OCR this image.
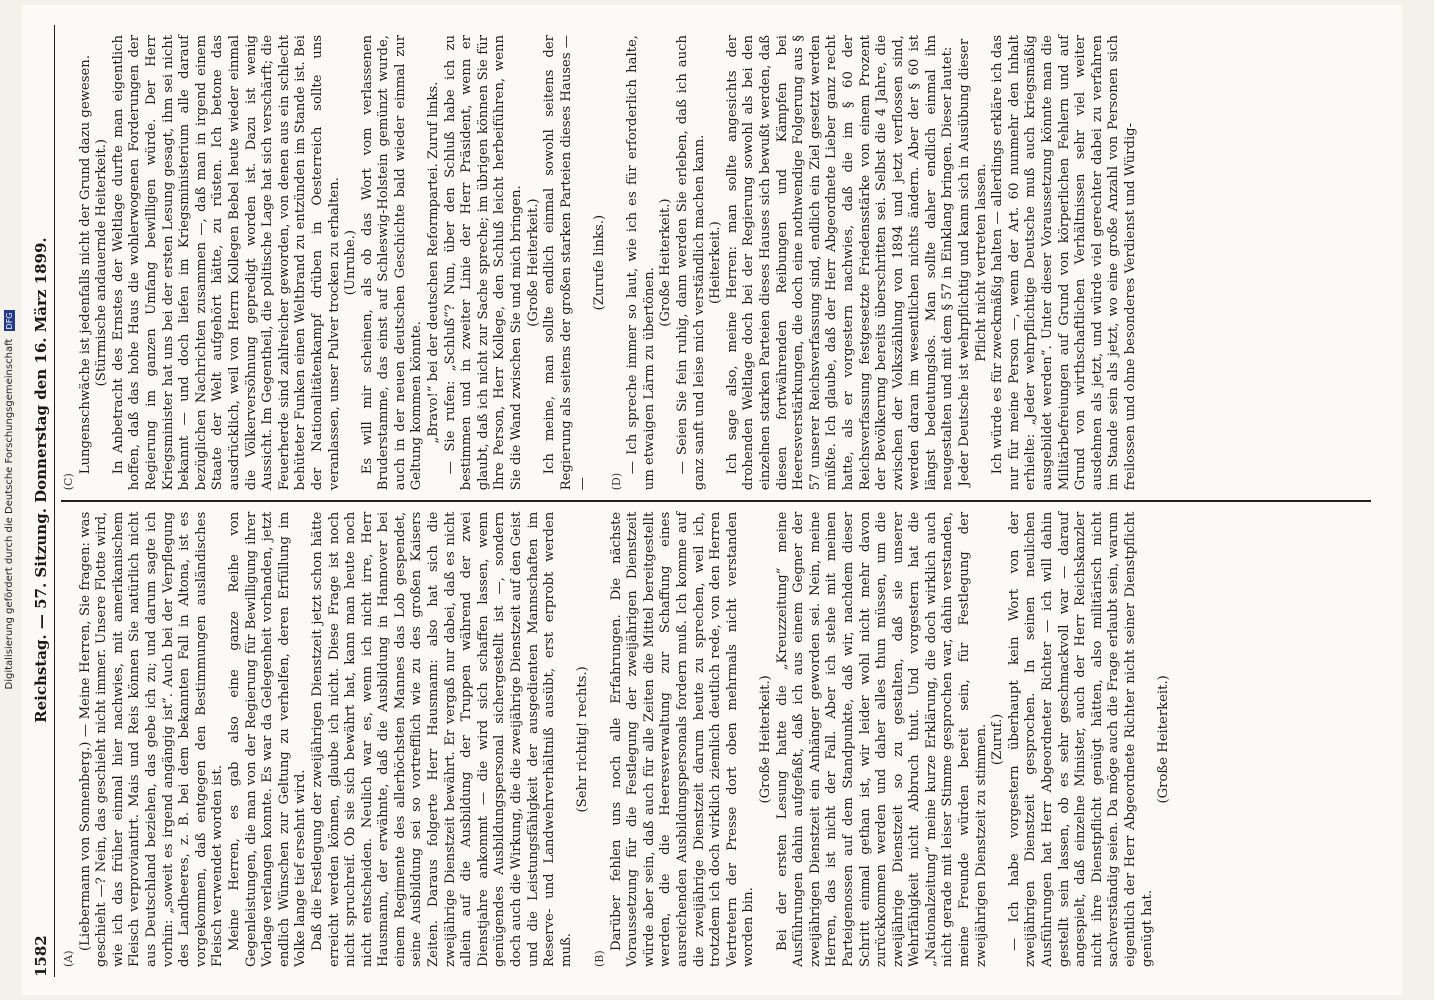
1582
Reichstag. — 57. Sitzung. Donnerstag den 16. März 1899.
(A)

(Liebermann von Sonnenberg.) — Meine Herren, Sie fragen: was geschieht —? Nein, das geschieht nicht immer. Unsere Flotte wird, wie ich das früher einmal hier nachwies, mit amerikanischem Fleisch verproviantirt. Mais und Reis können Sie natürlich nicht aus Deutschland beziehen, das gebe ich zu; und darum sagte ich vorhin: „soweit es irgend angängig ist“. Auch bei der Verpflegung des Landheeres, z. B. bei dem bekannten Fall in Altona, ist es vorgekommen, daß entgegen den Bestimmungen ausländisches Fleisch verwendet worden ist. Meine Herren, es gab also eine ganze Reihe von Gegenleistungen, die man von der Regierung für Bewilligung ihrer Vorlage verlangen konnte. Es war da Gelegenheit vorhanden, jetzt endlich Wünschen zur Geltung zu verhelfen, deren Erfüllung im Volke lange tief ersehnt wird. Daß die Festlegung der zweijährigen Dienstzeit jetzt schon hätte erreicht werden können, glaube ich nicht. Diese Frage ist noch nicht spruchreif. Ob sie sich bewährt hat, kann man heute noch nicht entscheiden. Neulich war es, wenn ich nicht irre, Herr Hausmann, der erwähnte, daß die Ausbildung in Hannover bei einem Regimente des allerhöchsten Mannes das Lob gespendet, seine Ausbildung sei so vortrefflich wie zu des großen Kaisers Zeiten. Daraus folgerte Herr Hausmann: also hat sich die zweijährige Dienstzeit bewährt. Er vergaß nur dabei, daß es nicht allein auf die Ausbildung der Truppen während der zwei Dienstjahre ankommt — die wird sich schaffen lassen, wenn genügendes Ausbildungspersonal sichergestellt ist —, sondern doch auch die Wirkung, die die zweijährige Dienstzeit auf den Geist und die Leistungsfähigkeit der ausgedienten Mannschaften im Reserve- und Landwehrverhältniß ausübt, erst erprobt werden muß.

(Sehr richtig! rechts.)

(B)

Darüber fehlen uns noch alle Erfahrungen. Die nächste Voraussetzung für die Festlegung der zweijährigen Dienstzeit würde aber sein, daß auch für alle Zeiten die Mittel bereitgestellt werden, die die Heeresverwaltung zur Schaffung eines ausreichenden Ausbildungspersonals fordern muß. Ich komme auf die zweijährige Dienstzeit darum heute zu sprechen, weil ich, trotzdem ich doch wirklich ziemlich deutlich rede, von den Herren Vertretern der Presse dort oben mehrmals nicht verstanden worden bin.

(Große Heiterkeit.) Bei der ersten Lesung hatte die „Kreuzzeitung“ meine Ausführungen dahin aufgefaßt, daß ich aus einem Gegner der zweijährigen Dienstzeit ein Anhänger geworden sei. Nein, meine Herren, das ist nicht der Fall. Aber ich stehe mit meinen Parteigenossen auf dem Standpunkte, daß wir, nachdem dieser Schritt einmal gethan ist, wir leider wohl nicht mehr davon zurückkommen werden und daher alles thun müssen, um die zweijährige Dienstzeit so zu gestalten, daß sie unserer Wehrfähigkeit nicht Abbruch thut. Und vorgestern hat die „Nationalzeitung“ meine kurze Erklärung, die doch wirklich auch nicht gerade mit leiser Stimme gesprochen war, dahin verstanden, meine Freunde würden bereit sein, für Festlegung der zweijährigen Dienstzeit zu stimmen. (Zuruf.) — Ich habe vorgestern überhaupt kein Wort von der zweijährigen Dienstzeit gesprochen. In seinen neulichen Ausführungen hat Herr Abgeordneter Richter — ich will dahin gestellt sein lassen, ob es sehr geschmackvoll war — darauf angespielt, daß einzelne Minister, auch der Herr Reichskanzler nicht ihre Dienstpflicht genügt hätten, also militärisch nicht sachverständig seien. Da möge auch die Frage erlaubt sein, warum eigentlich der Herr Abgeordnete Richter nicht seiner Dienstpflicht genügt hat.

(Große Heiterkeit.)

(C)

Lungenschwäche ist jedenfalls nicht der Grund dazu gewesen. (Stürmische andauernde Heiterkeit.) In Anbetracht des Ernstes der Weltlage durfte man eigentlich hoffen, daß das hohe Haus die wohlerwogenen Forderungen der Regierung im ganzen Umfang bewilligen würde. Der Herr Kriegsminister hat uns bei der ersten Lesung gesagt, ihm sei nicht bekannt — und doch liefen im Kriegsministerium alle darauf bezüglichen Nachrichten zusammen —, daß man in irgend einem Staate der Welt aufgehört hätte, zu rüsten. Ich betone das ausdrücklich, weil von Herrn Kollegen Bebel heute wieder einmal die Völkerversöhnung gepredigt worden ist. Dazu ist wenig Aussicht. Im Gegentheil, die politische Lage hat sich verschärft; die Feuerherde sind zahlreicher geworden, von denen aus ein schlecht behüteter Funken einen Weltbrand zu entzünden im Stande ist. Bei der Nationalitätenkampf drüben in Oesterreich sollte uns veranlassen, unser Pulver trocken zu erhalten. (Unruhe.) Es will mir scheinen, als ob das Wort vom verlassenen Bruderstamme, das einst auf Schleswig-Holstein gemünzt wurde, auch in der neuen deutschen Geschichte bald wieder einmal zur Geltung kommen könnte. „Bravo!“ bei der deutschen Reformpartei. Zuruf links. — Sie rufen: „Schluß“? Nun, über den Schluß habe ich zu bestimmen und in zweiter Linie der Herr Präsident, wenn er glaubt, daß ich nicht zur Sache spreche; im übrigen können Sie für Ihre Person, Herr Kollege, den Schluß leicht herbeiführen, wenn Sie die Wand zwischen Sie und mich bringen. (Große Heiterkeit.) Ich meine, man sollte endlich einmal sowohl seitens der Regierung als seitens der großen starken Parteien dieses Hauses — —

(Zurufe links.)

(D)

— Ich spreche immer so laut, wie ich es für erforderlich halte, um etwaigen Lärm zu übertönen.

(Große Heiterkeit.) — Seien Sie fein ruhig, dann werden Sie erleben, daß ich auch ganz sanft und leise mich verständlich machen kann. (Heiterkeit.) Ich sage also, meine Herren: man sollte angesichts der drohenden Weltlage doch bei der Regierung sowohl als bei den einzelnen starken Parteien dieses Hauses sich bewußt werden, daß diesen fortwährenden Reibungen und Kämpfen bei Heeresverstärkungen, die doch eine nothwendige Folgerung aus § 57 unserer Reichsverfassung sind, endlich ein Ziel gesetzt werden müßte. Ich glaube, daß der Herr Abgeordnete Lieber ganz recht hatte, als er vorgestern nachwies, daß die im § 60 der Reichsverfassung festgesetzte Friedensstärke von einem Prozent der Bevölkerung bereits überschritten sei. Selbst die 4 Jahre, die zwischen der Volkszählung von 1894 und jetzt verflossen sind, werden daran im wesentlichen nichts ändern. Aber der § 60 ist längst bedeutungslos. Man sollte daher endlich einmal ihn neugestalten und mit dem § 57 in Einklang bringen. Dieser lautet: Jeder Deutsche ist wehrpflichtig und kann sich in Ausübung dieser Pflicht nicht vertreten lassen. Ich würde es für zweckmäßig halten — allerdings erkläre ich das nur für meine Person —, wenn der Art. 60 nunmehr den Inhalt erhielte: „Jeder wehrpflichtige Deutsche muß auch kriegsmäßig ausgebildet werden“. Unter dieser Voraussetzung könnte man die Militärbefreiungen auf Grund von körperlichen Fehlern und auf Grund von wirthschaftlichen Verhältnissen sehr viel weiter ausdehnen als jetzt, und würde viel gerechter dabei zu verfahren im Stande sein als jetzt, wo eine große Anzahl von Personen sich freilossen und ohne besonderes Verdienst und Würdig-

Digitalisierung gefördert durch die Deutsche Forschungsgemeinschaft DFG
